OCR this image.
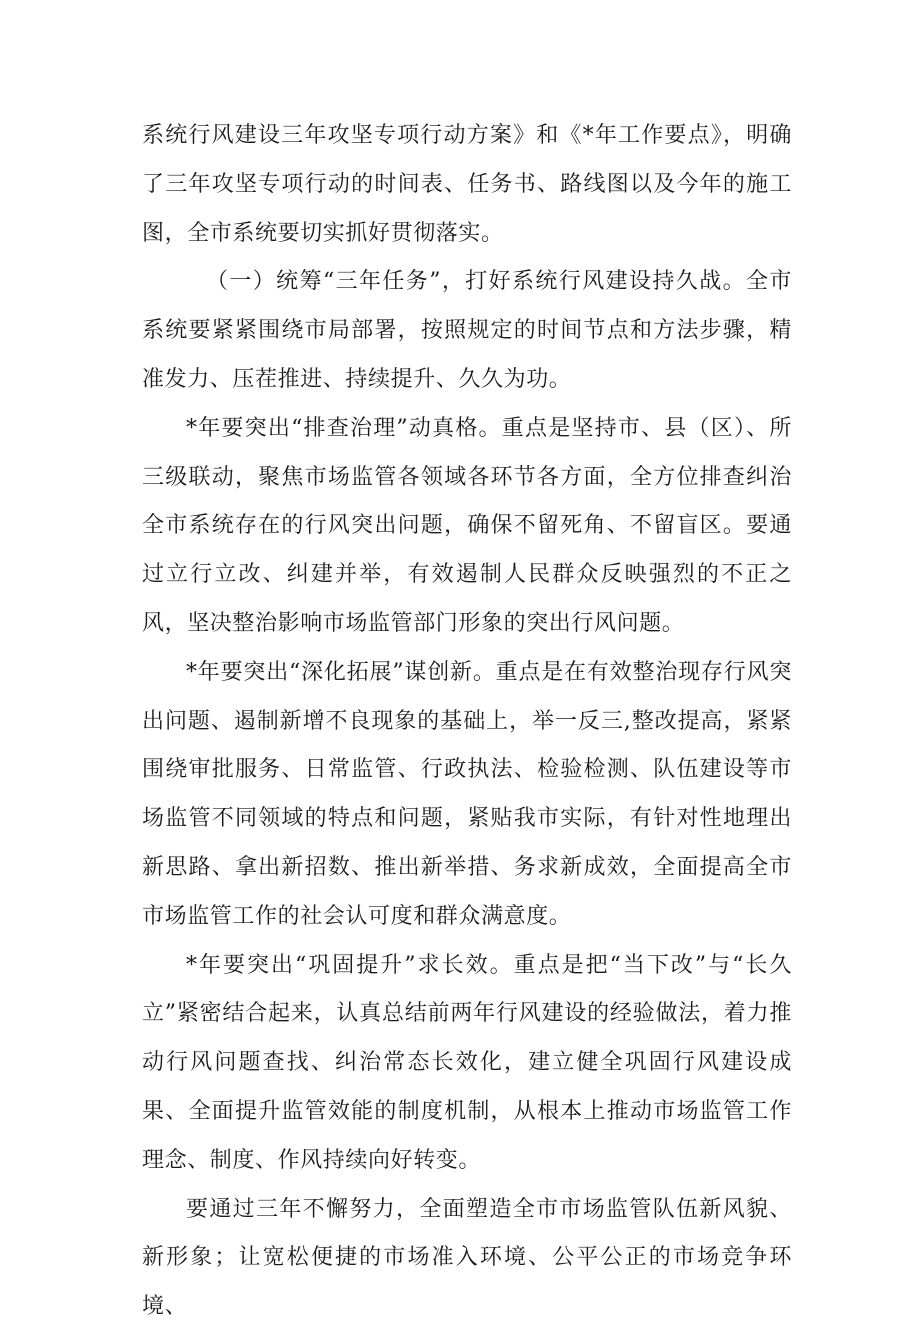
系统行风建设三年攻坚专项行动方案》和《*年工作要点》，明确了三年攻坚专项行动的时间表、任务书、路线图以及今年的施工图，全市系统要切实抓好贯彻落实。

（一）统筹“三年任务”，打好系统行风建设持久战。全市系统要紧紧围绕市局部署，按照规定的时间节点和方法步骤，精准发力、压茬推进、持续提升、久久为功。

*年要突出“排查治理”动真格。重点是坚持市、县（区）、所三级联动，聚焦市场监管各领域各环节各方面，全方位排查纠治全市系统存在的行风突出问题，确保不留死角、不留盲区。要通过立行立改、纠建并举，有效遏制人民群众反映强烈的不正之风，坚决整治影响市场监管部门形象的突出行风问题。

*年要突出“深化拓展”谋创新。重点是在有效整治现存行风突出问题、遏制新增不良现象的基础上，举一反三,整改提高，紧紧围绕审批服务、日常监管、行政执法、检验检测、队伍建设等市场监管不同领域的特点和问题，紧贴我市实际，有针对性地理出新思路、拿出新招数、推出新举措、务求新成效，全面提高全市市场监管工作的社会认可度和群众满意度。

*年要突出“巩固提升”求长效。重点是把“当下改”与“长久立”紧密结合起来，认真总结前两年行风建设的经验做法，着力推动行风问题查找、纠治常态长效化，建立健全巩固行风建设成果、全面提升监管效能的制度机制，从根本上推动市场监管工作理念、制度、作风持续向好转变。

要通过三年不懈努力，全面塑造全市市场监管队伍新风貌、新形象；让宽松便捷的市场准入环境、公平公正的市场竞争环境、
